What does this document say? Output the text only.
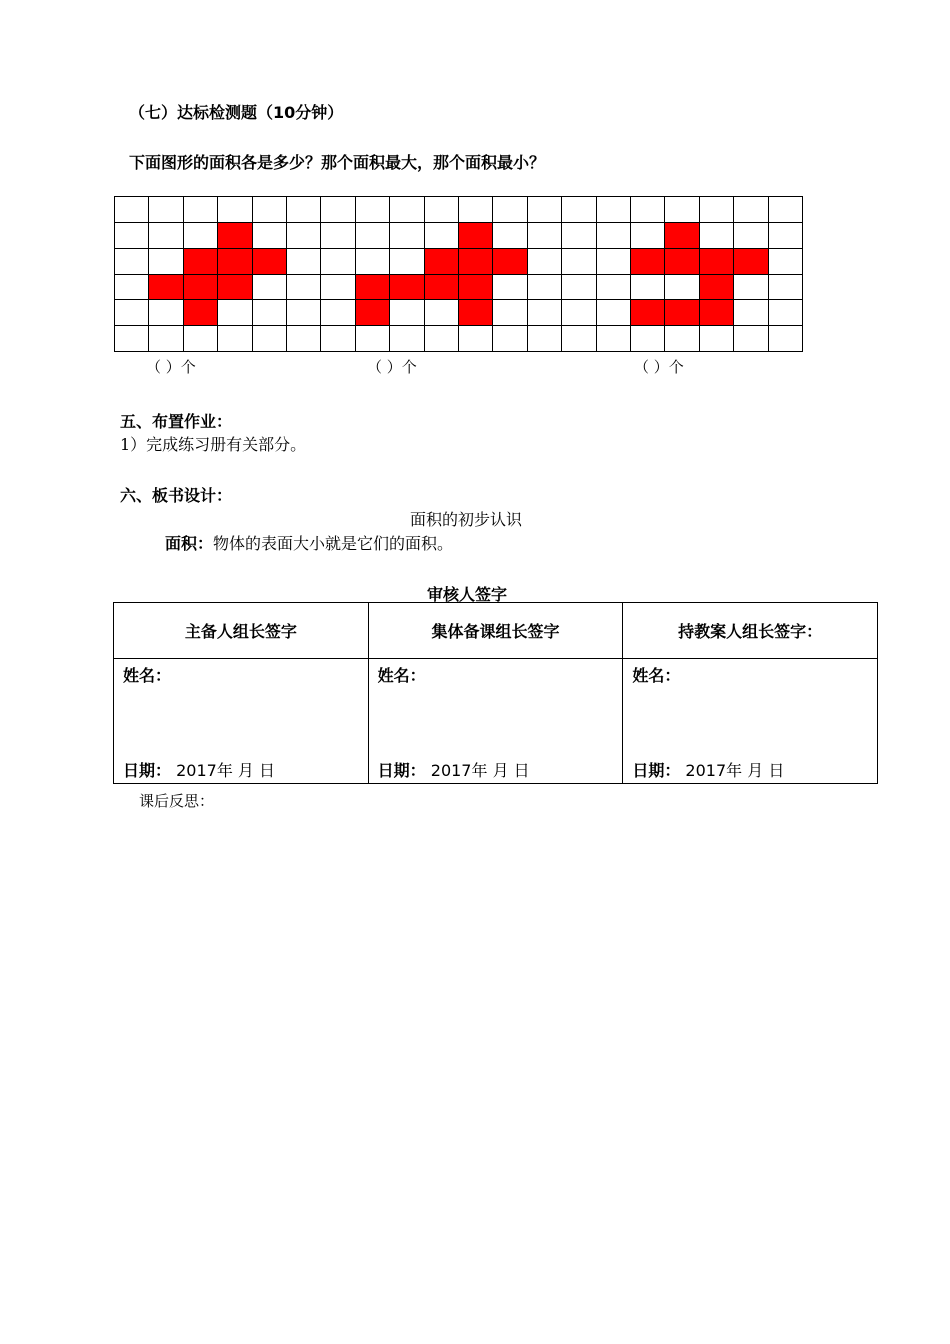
（七）达标检测题（10分钟）
下面图形的面积各是多少？那个面积最大，那个面积最小？
（ ）个	（ ）个	（ ）个
五、布置作业：
1）完成练习册有关部分。
六、板书设计：
面积的初步认识
面积：物体的表面大小就是它们的面积。
审核人签字
主备人组长签字	集体备课组长签字	持教案人组长签字：

姓名：
日期： 2017年 月 日	姓名：
日期： 2017年 月 日	姓名：
日期： 2017年 月 日
课后反思：
